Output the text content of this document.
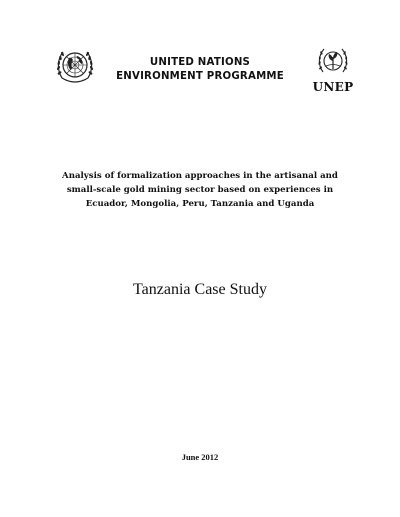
UNITED NATIONS
ENVIRONMENT PROGRAMME
UNEP
Analysis of formalization approaches in the artisanal and
small-scale gold mining sector based on experiences in
Ecuador, Mongolia, Peru, Tanzania and Uganda
Tanzania Case Study
June 2012
